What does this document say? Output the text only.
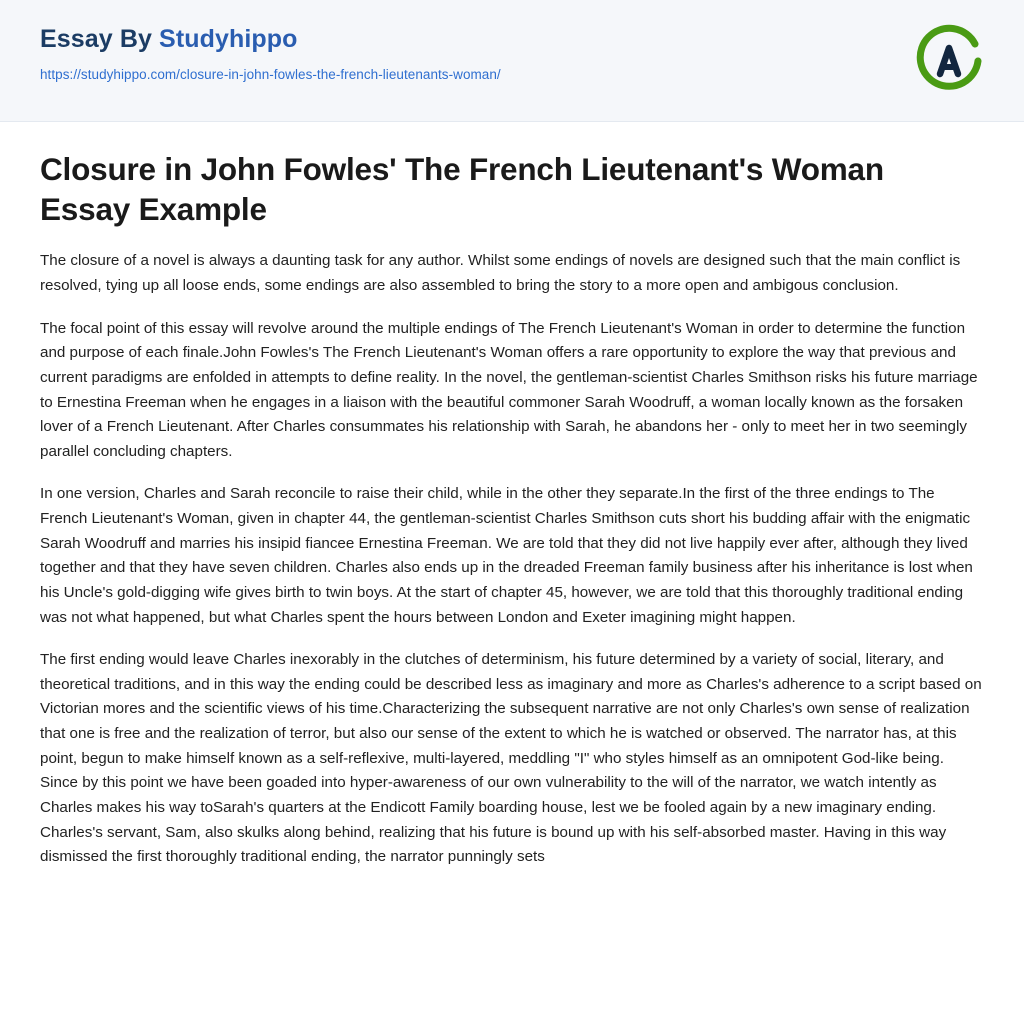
Essay By Studyhippo
https://studyhippo.com/closure-in-john-fowles-the-french-lieutenants-woman/
Closure in John Fowles' The French Lieutenant's Woman Essay Example

The closure of a novel is always a daunting task for any author. Whilst some endings of novels are designed such that the main conflict is resolved, tying up all loose ends, some endings are also assembled to bring the story to a more open and ambigous conclusion.

The focal point of this essay will revolve around the multiple endings of The French Lieutenant's Woman in order to determine the function and purpose of each finale.John Fowles's The French Lieutenant's Woman offers a rare opportunity to explore the way that previous and current paradigms are enfolded in attempts to define reality. In the novel, the gentleman-scientist Charles Smithson risks his future marriage to Ernestina Freeman when he engages in a liaison with the beautiful commoner Sarah Woodruff, a woman locally known as the forsaken lover of a French Lieutenant. After Charles consummates his relationship with Sarah, he abandons her - only to meet her in two seemingly parallel concluding chapters.

In one version, Charles and Sarah reconcile to raise their child, while in the other they separate.In the first of the three endings to The French Lieutenant's Woman, given in chapter 44, the gentleman-scientist Charles Smithson cuts short his budding affair with the enigmatic Sarah Woodruff and marries his insipid fiancee Ernestina Freeman. We are told that they did not live happily ever after, although they lived together and that they have seven children. Charles also ends up in the dreaded Freeman family business after his inheritance is lost when his Uncle's gold-digging wife gives birth to twin boys. At the start of chapter 45, however, we are told that this thoroughly traditional ending was not what happened, but what Charles spent the hours between London and Exeter imagining might happen.

The first ending would leave Charles inexorably in the clutches of determinism, his future determined by a variety of social, literary, and theoretical traditions, and in this way the ending could be described less as imaginary and more as Charles's adherence to a script based on Victorian mores and the scientific views of his time.Characterizing the subsequent narrative are not only Charles's own sense of realization that one is free and the realization of terror, but also our sense of the extent to which he is watched or observed. The narrator has, at this point, begun to make himself known as a self-reflexive, multi-layered, meddling "I" who styles himself as an omnipotent God-like being. Since by this point we have been goaded into hyper-awareness of our own vulnerability to the will of the narrator, we watch intently as Charles makes his way toSarah's quarters at the Endicott Family boarding house, lest we be fooled again by a new imaginary ending. Charles's servant, Sam, also skulks along behind, realizing that his future is bound up with his self-absorbed master. Having in this way dismissed the first thoroughly traditional ending, the narrator punningly sets
